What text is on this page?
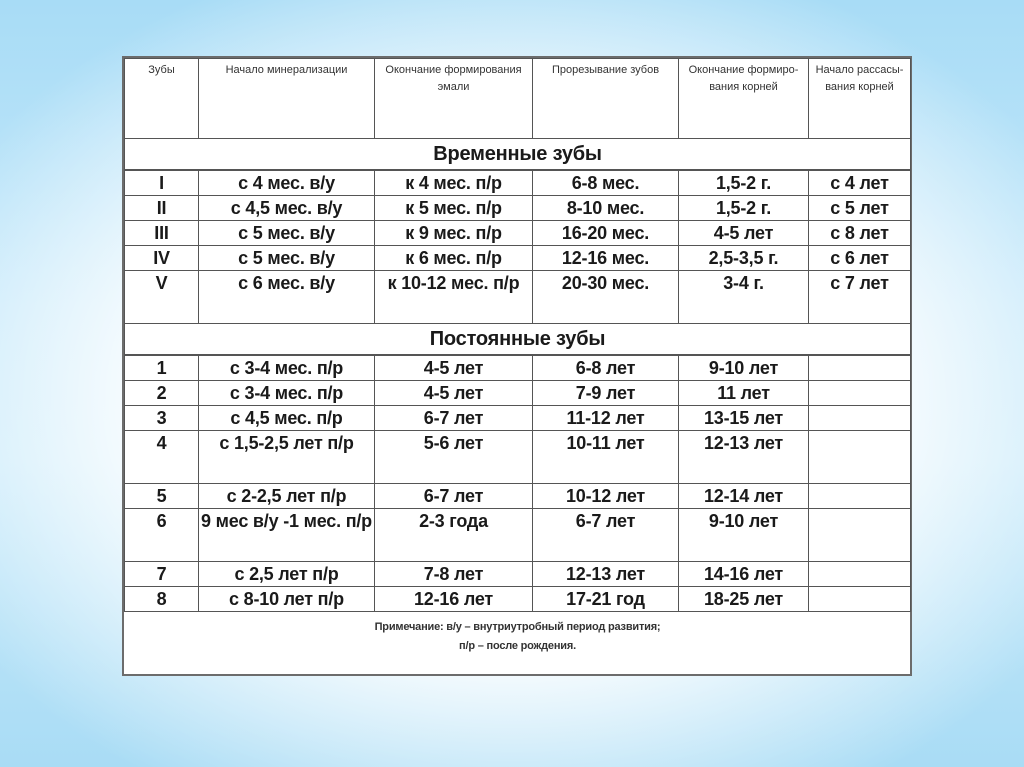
Зубы	Начало минерализации	Окончание формирования эмали	Прорезывание зубов	Окончание формиро-вания корней	Начало рассасы-вания корней
Временные зубы					
I	с 4 мес. в/у	к 4 мес. п/р	6-8 мес.	1,5-2 г.	с 4 лет
II	с 4,5 мес. в/у	к 5 мес. п/р	8-10 мес.	1,5-2 г.	с 5 лет
III	с 5 мес. в/у	к 9 мес. п/р	16-20 мес.	4-5 лет	с 8 лет
IV	с 5 мес. в/у	к 6 мес. п/р	12-16 мес.	2,5-3,5 г.	с 6 лет
V	с 6 мес. в/у	к 10-12 мес. п/р	20-30 мес.	3-4 г.	с 7 лет
Постоянные зубы					
1	с 3-4 мес. п/р	4-5 лет	6-8 лет	9-10 лет	
2	с 3-4 мес. п/р	4-5 лет	7-9 лет	11 лет	
3	с 4,5 мес. п/р	6-7 лет	11-12 лет	13-15 лет	
4	с 1,5-2,5 лет п/р	5-6 лет	10-11 лет	12-13 лет	
5	с 2-2,5 лет п/р	6-7 лет	10-12 лет	12-14 лет	
6	9 мес в/у -1 мес. п/р	2-3 года	6-7 лет	9-10 лет	
7	с 2,5 лет п/р	7-8 лет	12-13 лет	14-16 лет	
8	с 8-10 лет п/р	12-16 лет	17-21 год	18-25 лет	

Примечание: в/у – внутриутробный период развития;
п/р – после рождения.					
